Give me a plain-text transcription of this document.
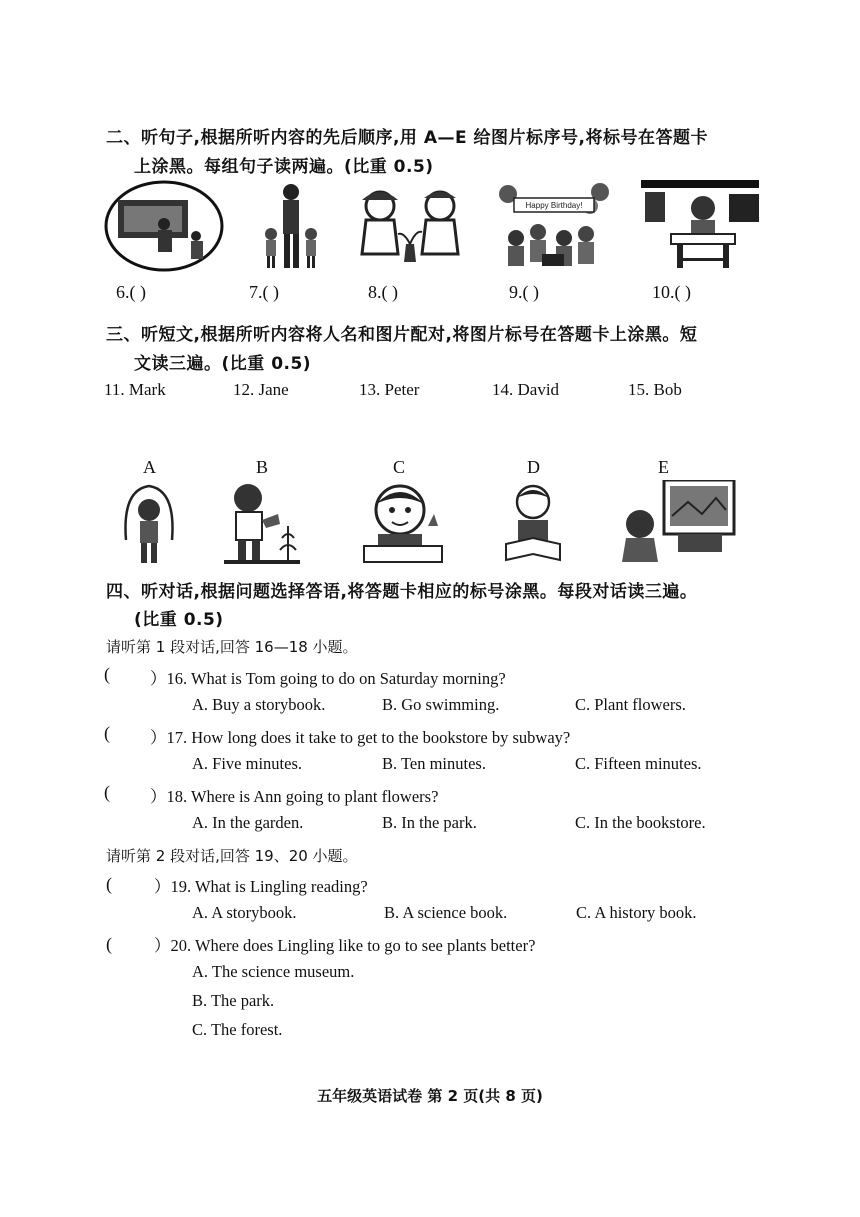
二、听句子,根据所听内容的先后顺序,用 A—E 给图片标序号,将标号在答题卡
上涂黑。每组句子读两遍。(比重 0.5)
Happy Birthday!
6.( )	7.( )	8.( )	9.( )	10.( )
三、听短文,根据所听内容将人名和图片配对,将图片标号在答题卡上涂黑。短
文读三遍。(比重 0.5)
11. Mark	12. Jane	13. Peter	14. David	15. Bob
A	B	C	D	E
四、听对话,根据问题选择答语,将答题卡相应的标号涂黑。每段对话读三遍。
(比重 0.5)
请听第 1 段对话,回答 16—18 小题。
( ）16. What is Tom going to do on Saturday morning?
A. Buy a storybook.	B. Go swimming.	C. Plant flowers.
( ）17. How long does it take to get to the bookstore by subway?
A. Five minutes.	B. Ten minutes.	C. Fifteen minutes.
( ）18. Where is Ann going to plant flowers?
A. In the garden.	B. In the park.	C. In the bookstore.
请听第 2 段对话,回答 19、20 小题。
(	）19. What is Lingling reading?
A. A storybook.	B. A science book.	C. A history book.
(	）20. Where does Lingling like to go to see plants better?
A. The science museum.
B. The park.
C. The forest.
五年级英语试卷 第 2 页(共 8 页)
